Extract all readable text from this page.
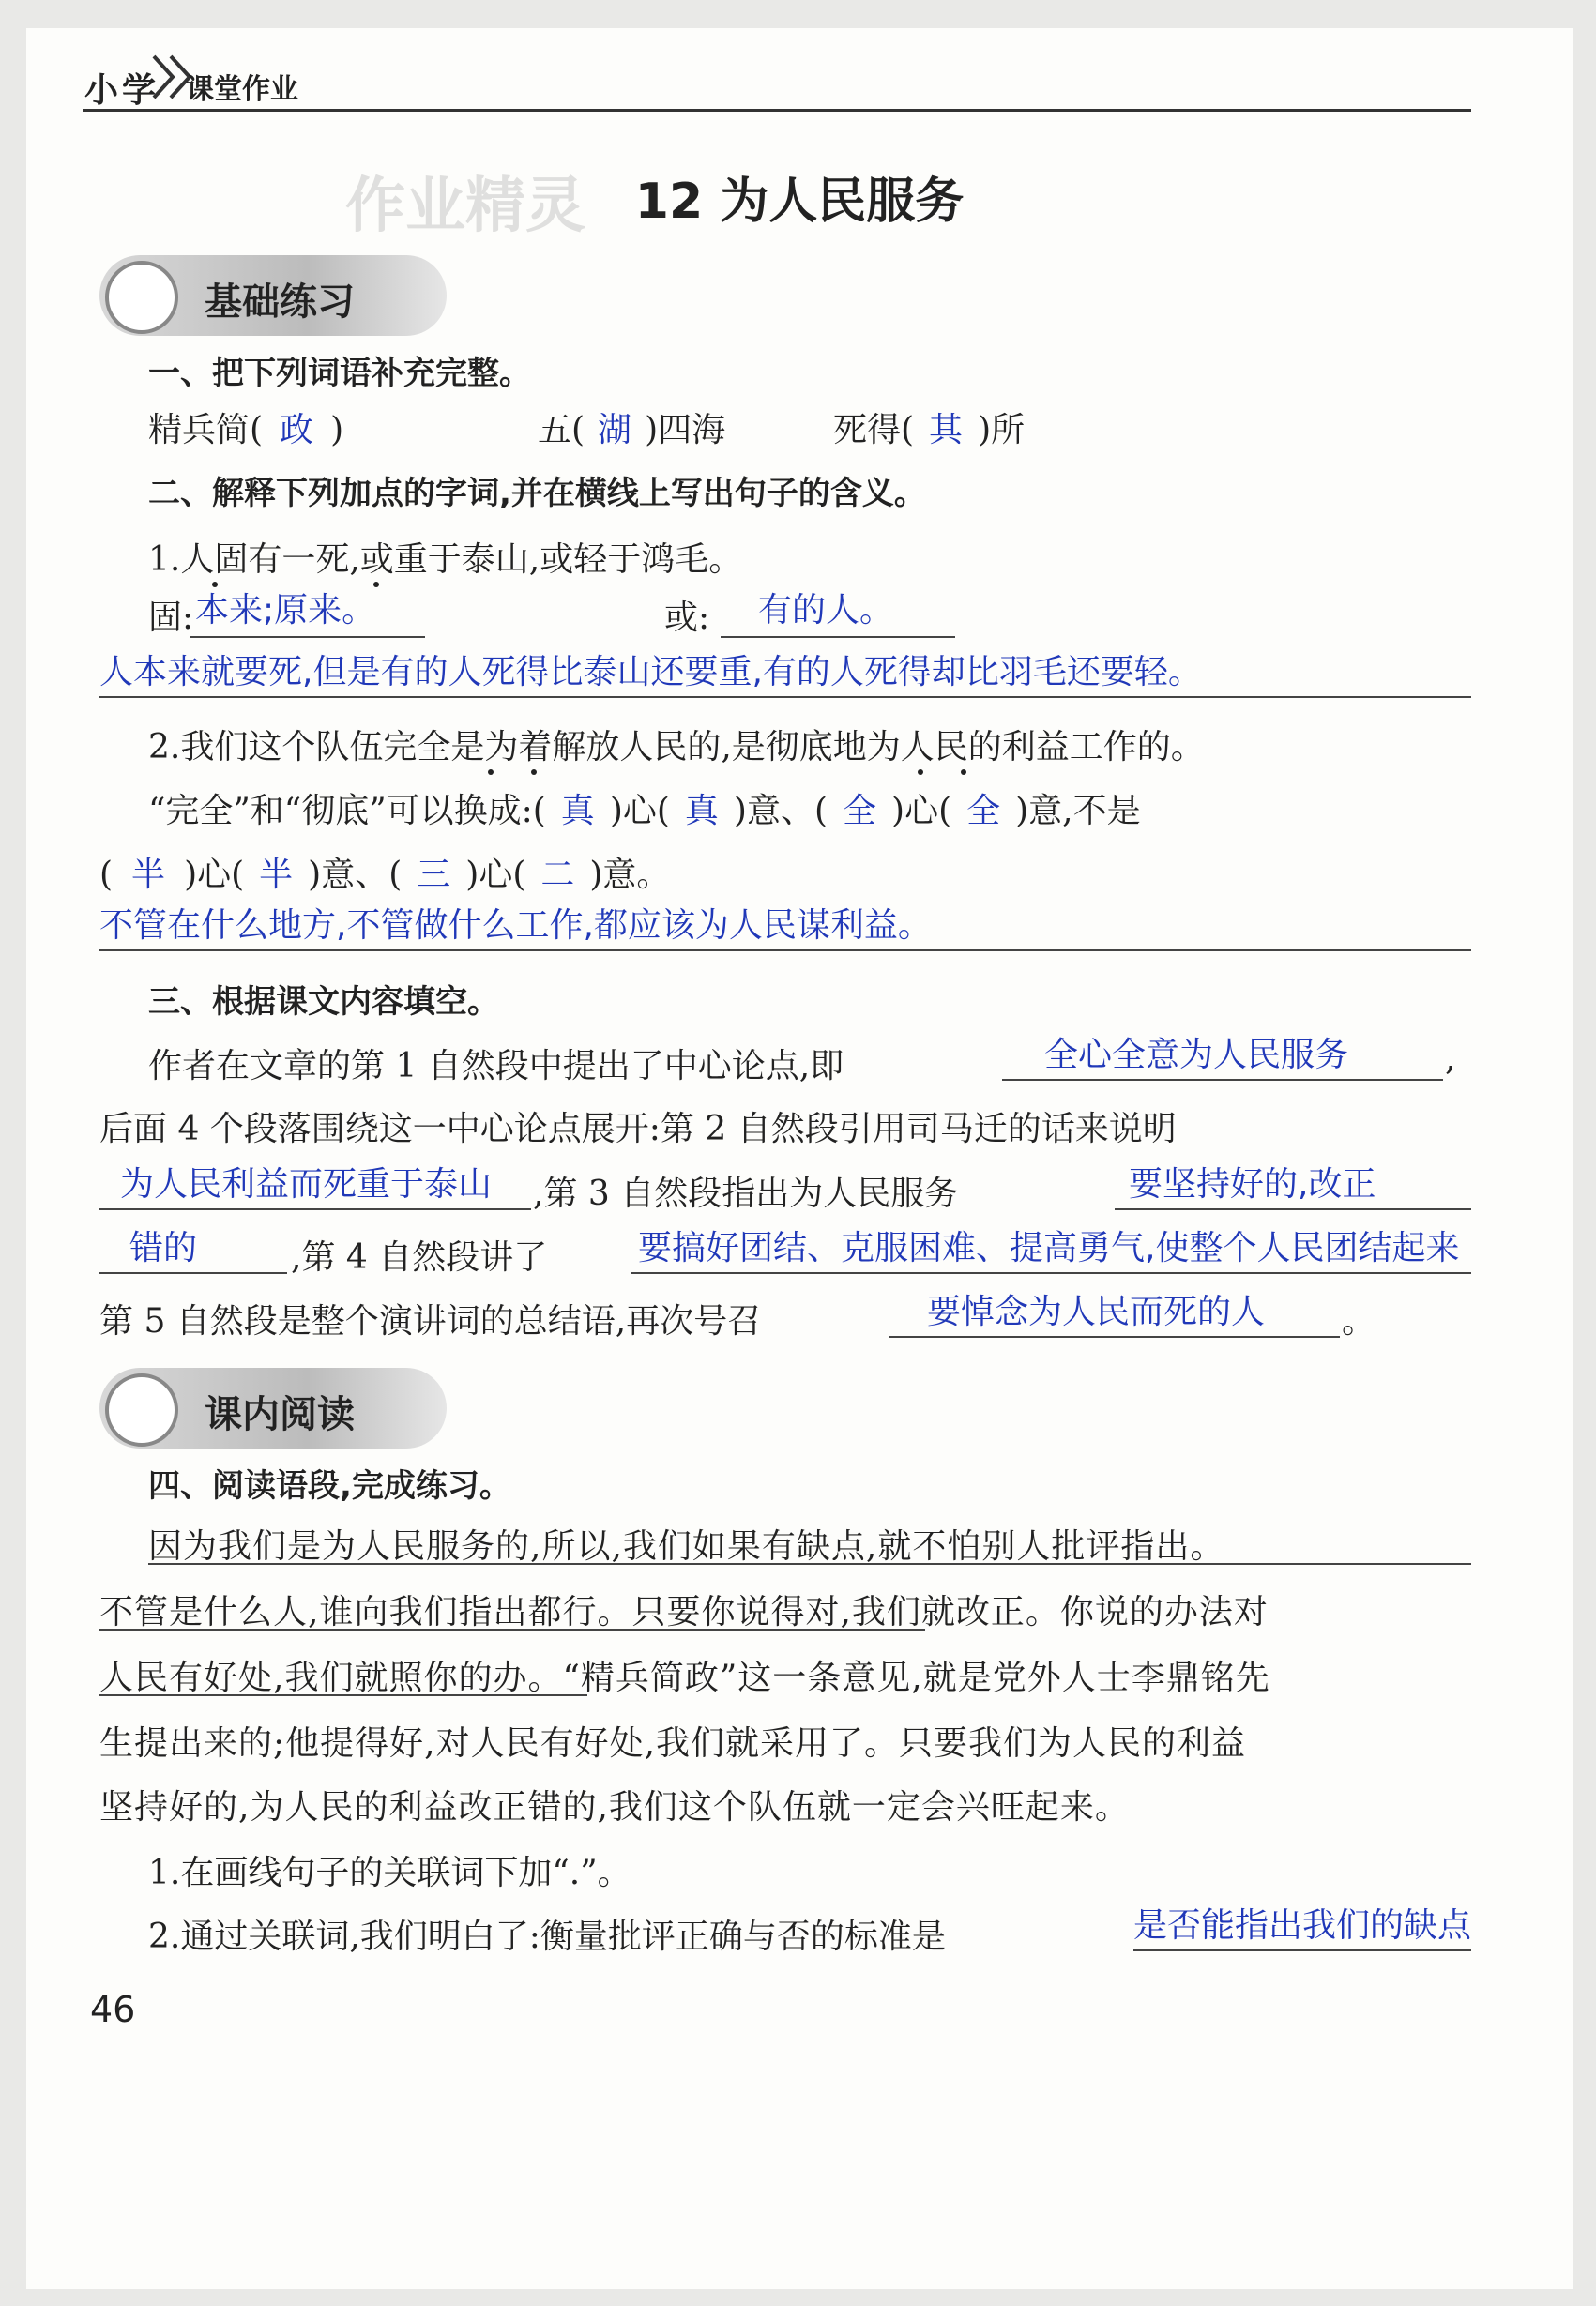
小学 课堂作业
作业精灵	12 为人民服务
基础练习
一、把下列词语补充完整。
精兵简( 政 )	五( 湖 )四海	死得( 其 )所
二、解释下列加点的字词,并在横线上写出句子的含义。
1.人固有一死,或重于泰山,或轻于鸿毛。
固: 本来;原来。	或: 有的人。
人本来就要死,但是有的人死得比泰山还要重,有的人死得却比羽毛还要轻。
2.我们这个队伍完全是为着解放人民的,是彻底地为人民的利益工作的。
“完全”和“彻底”可以换成:( 真 )心( 真 )意、( 全 )心( 全 )意,不是
( 半 )心( 半 )意、( 三 )心( 二 )意。
不管在什么地方,不管做什么工作,都应该为人民谋利益。
三、根据课文内容填空。
作者在文章的第 1 自然段中提出了中心论点,即	全心全意为人民服务	,
后面 4 个段落围绕这一中心论点展开:第 2 自然段引用司马迁的话来说明
为人民利益而死重于泰山 ,第 3 自然段指出为人民服务	要坚持好的,改正
错的	,第 4 自然段讲了	要搞好团结、克服困难、提高勇气,使整个人民团结起来
第 5 自然段是整个演讲词的总结语,再次号召	要悼念为人民而死的人 。
课内阅读
四、阅读语段,完成练习。
因为我们是为人民服务的,所以,我们如果有缺点,就不怕别人批评指出。
不管是什么人,谁向我们指出都行。只要你说得对,我们就改正。你说的办法对
人民有好处,我们就照你的办。“精兵简政”这一条意见,就是党外人士李鼎铭先
生提出来的;他提得好,对人民有好处,我们就采用了。只要我们为人民的利益
坚持好的,为人民的利益改正错的,我们这个队伍就一定会兴旺起来。
1.在画线句子的关联词下加“.”。
2.通过关联词,我们明白了:衡量批评正确与否的标准是	是否能指出我们的缺点
46
